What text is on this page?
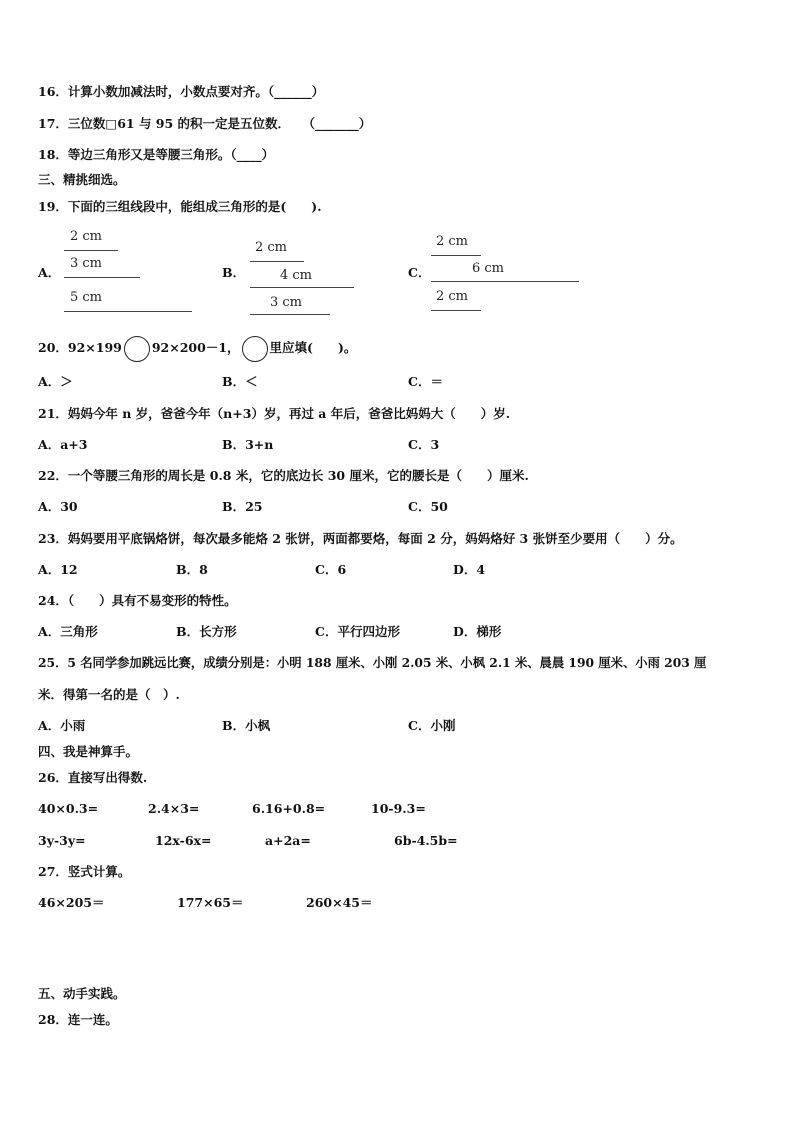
16．计算小数加减法时，小数点要对齐。（______）
17．三位数□61 与 95 的积一定是五位数．　　（_______）
18．等边三角形又是等腰三角形。（____）
三、精挑细选。
19．下面的三组线段中，能组成三角形的是(　　).
A．
2 cm
3 cm
5 cm
B．
2 cm
4 cm
3 cm
C．
2 cm
6 cm
2 cm
20．92×199 92×200－1， 里应填(　　)。
A．＞	B．＜	C．＝
21．妈妈今年 n 岁，爸爸今年（n+3）岁，再过 a 年后，爸爸比妈妈大（　　）岁.
A．a+3	B．3+n	C．3
22．一个等腰三角形的周长是 0.8 米，它的底边长 30 厘米，它的腰长是（　　）厘米.
A．30	B．25	C．50
23．妈妈要用平底锅烙饼，每次最多能烙 2 张饼，两面都要烙，每面 2 分，妈妈烙好 3 张饼至少要用（　　）分。
A．12	B．8	C．6	D．4
24．（　　）具有不易变形的特性。
A．三角形	B．长方形	C．平行四边形	D．梯形
25．5 名同学参加跳远比赛，成绩分别是：小明 188 厘米、小刚 2.05 米、小枫 2.1 米、晨晨 190 厘米、小雨 203 厘
米．得第一名的是（　）.
A．小雨	B．小枫	C．小刚
四、我是神算手。
26．直接写出得数.
40×0.3=	2.4×3=	6.16+0.8=	10-9.3=
3y-3y=	12x-6x=	a+2a=	6b-4.5b=
27．竖式计算。
46×205＝	177×65＝	260×45＝
五、动手实践。
28．连一连。
